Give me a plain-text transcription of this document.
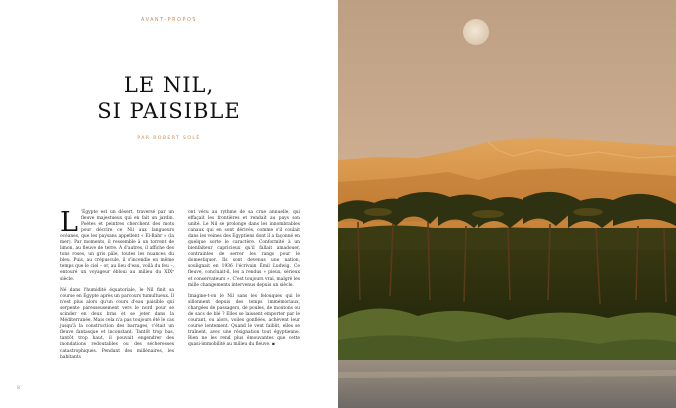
AVANT-PROPOS
LE NIL,
SI PAISIBLE
PAR ROBERT SOLÉ

L 'Égypte est un désert, traversé par un fleuve majestueux qui en fait un jardin. Poètes et peintres cherchent des mots pour décrire ce Nil aux langueurs océanes, que les paysans appellent « El-Bahr » (la mer). Par moments, il ressemble à un torrent de limon, au fleuve de terre. À d'autres, il affiche des tons roses, un gris pâle, toutes les nuances du bleu. Puis, au crépuscule, il s'incendie en même temps que le ciel – or, au lieu d'eau, voilà du feu –, entouré un voyageur ébloui au milieu du XIXᵉ siècle.

Né dans l'humidité équatoriale, le Nil finit sa course en Égypte après un parcours tumultueux. Il n'est plus alors qu'un cours d'eau paisible qui serpente paresseusement vers le nord pour se scinder en deux bras et se jeter dans la Méditerranée. Mais cela n'a pas toujours été le cas jusqu'à la construction des barrages, c'était un fleuve fantasque et inconstant. Tantôt trop bas, tantôt trop haut, il pouvait engendrer des inondations redoutables ou des sécheresses catastrophiques. Pendant des millénaires, les habitants

ont vécu au rythme de sa crue annuelle, qui effaçait les frontières et rendait au pays son unité. Le Nil se prolonge dans les innombrables canaux qui en sont dérivés, comme s'il coulait dans les veines des Égyptiens dont il a façonné en quelque sorte le caractère. Conformité à un bienfaiteur capricieux qu'il fallait amadouer, contraintes de serrer les rangs pour le domestiquer. Ils sont devenus une nation, soulignait en 1936 l'écrivain Émil Ludwig. Ce fleuve, concluait-il, les a rendus « pieux, sérieux et conservateurs ». C'est toujours vrai, malgré les mille changements intervenus depuis un siècle.

Imagine-t-on le Nil sans les felouques qui le sillonnent depuis des temps immémoriaux, chargées de passagers, de poules, de moutons ou de sacs de blé ? Elles se laissent emporter par le courant, ou alors, voiles gonflées, achèvent leur course lentement. Quand le vent faiblit, elles se traînent, avec une résignation tout égyptienne. Rien ne les rend plus émouvantes que cette quasi-immobilité au milieu du fleuve. ▪

8
